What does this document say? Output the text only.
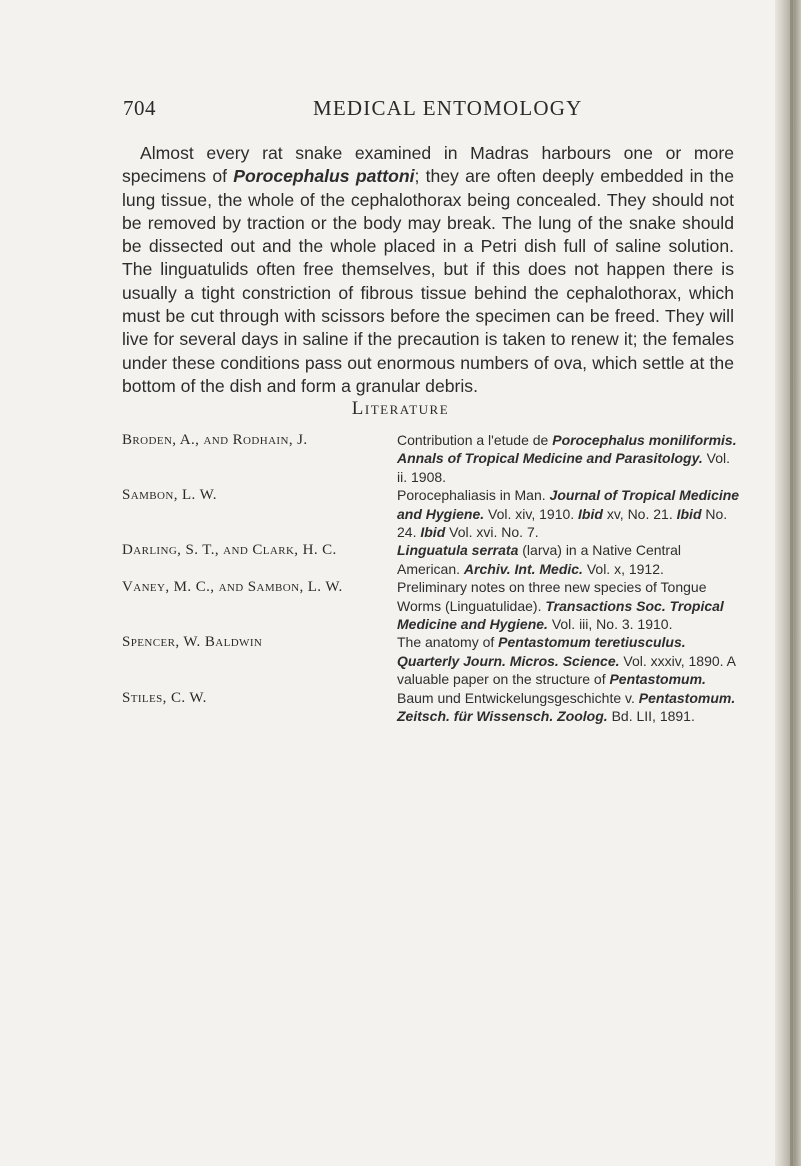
704	MEDICAL ENTOMOLOGY
Almost every rat snake examined in Madras harbours one or more specimens of Porocephalus pattoni; they are often deeply embedded in the lung tissue, the whole of the cephalothorax being concealed. They should not be removed by traction or the body may break. The lung of the snake should be dissected out and the whole placed in a Petri dish full of saline solution. The linguatulids often free themselves, but if this does not happen there is usually a tight constriction of fibrous tissue behind the cephalothorax, which must be cut through with scissors before the specimen can be freed. They will live for several days in saline if the precaution is taken to renew it; the females under these conditions pass out enormous numbers of ova, which settle at the bottom of the dish and form a granular debris.
Literature
Broden, A., and Rodhain, J.	Contribution a l'etude de Porocephalus moniliformis. Annals of Tropical Medicine and Parasitology. Vol. ii. 1908.
Sambon, L. W.	Porocephaliasis in Man. Journal of Tropical Medicine and Hygiene. Vol. xiv, 1910. Ibid xv, No. 21. Ibid No. 24. Ibid Vol. xvi. No. 7.
Darling, S. T., and Clark, H. C.	Linguatula serrata (larva) in a Native Central American. Archiv. Int. Medic. Vol. x, 1912.
Vaney, M. C., and Sambon, L. W.	Preliminary notes on three new species of Tongue Worms (Linguatulidae). Transactions Soc. Tropical Medicine and Hygiene. Vol. iii, No. 3. 1910.
Spencer, W. Baldwin	The anatomy of Pentastomum teretiusculus. Quarterly Journ. Micros. Science. Vol. xxxiv, 1890. A valuable paper on the structure of Pentastomum.
Stiles, C. W.	Baum und Entwickelungsgeschichte v. Pentastomum. Zeitsch. für Wissensch. Zoolog. Bd. LII, 1891.
